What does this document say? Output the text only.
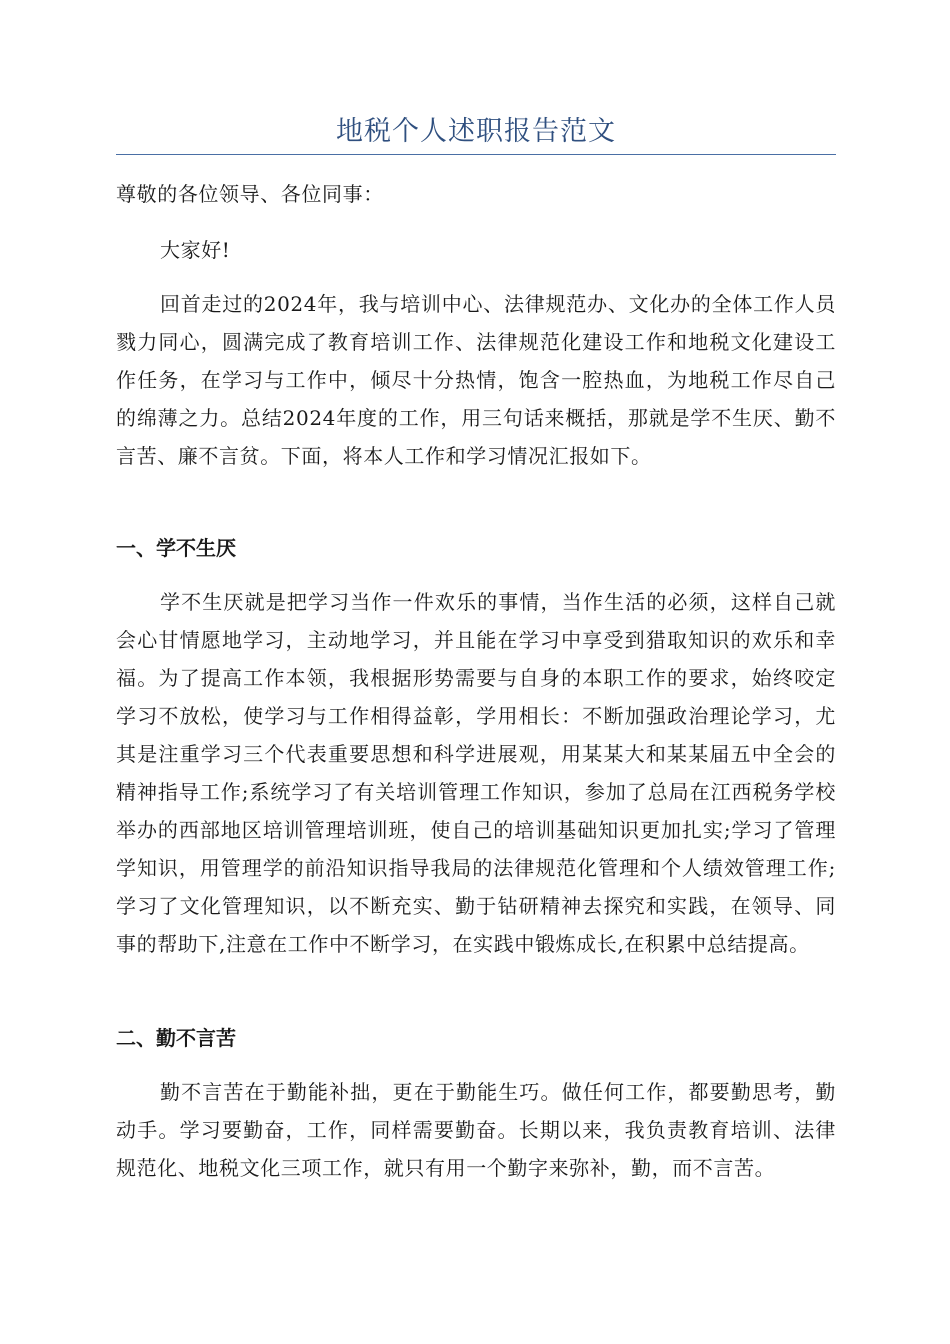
地税个人述职报告范文

尊敬的各位领导、各位同事：

大家好!

回首走过的2024年，我与培训中心、法律规范办、文化办的全体工作人员戮力同心，圆满完成了教育培训工作、法律规范化建设工作和地税文化建设工作任务，在学习与工作中，倾尽十分热情，饱含一腔热血，为地税工作尽自己的绵薄之力。总结2024年度的工作，用三句话来概括，那就是学不生厌、勤不言苦、廉不言贫。下面，将本人工作和学习情况汇报如下。

一、学不生厌

学不生厌就是把学习当作一件欢乐的事情，当作生活的必须，这样自己就会心甘情愿地学习，主动地学习，并且能在学习中享受到猎取知识的欢乐和幸福。为了提高工作本领，我根据形势需要与自身的本职工作的要求，始终咬定学习不放松，使学习与工作相得益彰，学用相长：不断加强政治理论学习，尤其是注重学习三个代表重要思想和科学进展观，用某某大和某某届五中全会的精神指导工作;系统学习了有关培训管理工作知识，参加了总局在江西税务学校举办的西部地区培训管理培训班，使自己的培训基础知识更加扎实;学习了管理学知识，用管理学的前沿知识指导我局的法律规范化管理和个人绩效管理工作;学习了文化管理知识，以不断充实、勤于钻研精神去探究和实践，在领导、同事的帮助下,注意在工作中不断学习，在实践中锻炼成长,在积累中总结提高。

二、勤不言苦

勤不言苦在于勤能补拙，更在于勤能生巧。做任何工作，都要勤思考，勤动手。学习要勤奋，工作，同样需要勤奋。长期以来，我负责教育培训、法律规范化、地税文化三项工作，就只有用一个勤字来弥补，勤，而不言苦。
